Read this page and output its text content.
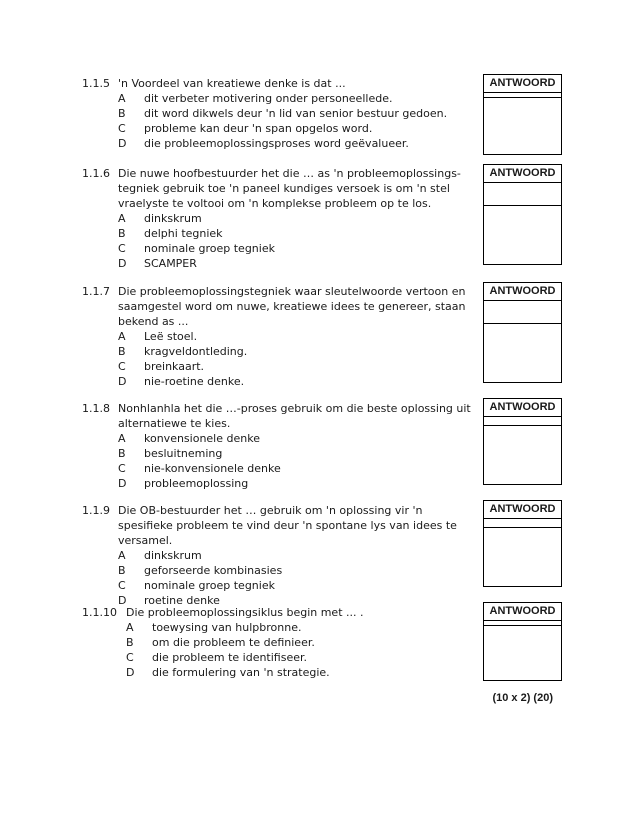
1.1.5 'n Voordeel van kreatiewe denke is dat ...
A dit verbeter motivering onder personeellede.
B dit word dikwels deur 'n lid van senior bestuur gedoen.
C probleme kan deur 'n span opgelos word.
D die probleemoplossingsproses word geëvalueer.
ANTWOORD
1.1.6 Die nuwe hoofbestuurder het die … as 'n probleemoplossings-tegniek gebruik toe 'n paneel kundiges versoek is om 'n stel vraelyste te voltooi om 'n komplekse probleem op te los.
A dinkskrum
B delphi tegniek
C nominale groep tegniek
D SCAMPER
ANTWOORD
1.1.7 Die probleemoplossingstegniek waar sleutelwoorde vertoon en saamgestel word om nuwe, kreatiewe idees te genereer, staan bekend as ...
A Leë stoel.
B kragveldontleding.
C breinkaart.
D nie-roetine denke.
ANTWOORD
1.1.8 Nonhlanhla het die …-proses gebruik om die beste oplossing uit alternatiewe te kies.
A konvensionele denke
B besluitneming
C nie-konvensionele denke
D probleemoplossing
ANTWOORD
1.1.9 Die OB-bestuurder het … gebruik om 'n oplossing vir 'n spesifieke probleem te vind deur 'n spontane lys van idees te versamel.
A dinkskrum
B geforseerde kombinasies
C nominale groep tegniek
D roetine denke
ANTWOORD
1.1.10 Die probleemoplossingsiklus begin met ... .
A toewysing van hulpbronne.
B om die probleem te definieer.
C die probleem te identifiseer.
D die formulering van 'n strategie.
ANTWOORD
(10 x 2) (20)
